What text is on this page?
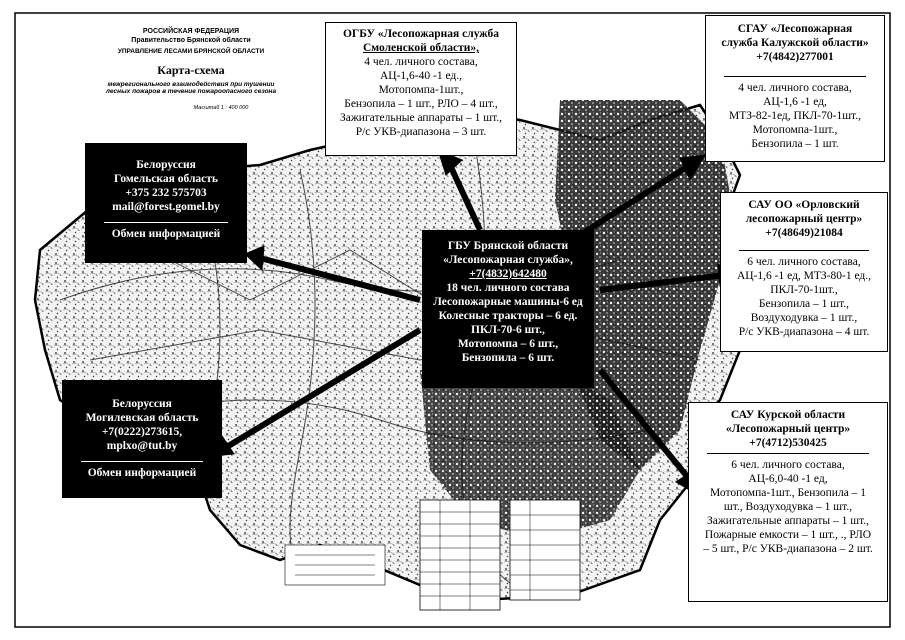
РОССИЙСКАЯ ФЕДЕРАЦИЯ
Правительство Брянской области
УПРАВЛЕНИЕ ЛЕСАМИ БРЯНСКОЙ ОБЛАСТИ
Карта-схема
межрегионального взаимодействия при тушении
лесных пожаров в течение пожароопасного сезона
Масштаб 1 : 400 000
ОГБУ «Лесопожарная служба
Смоленской области»,
4 чел. личного состава,
АЦ-1,6-40 -1 ед.,
Мотопомпа-1шт.,
Бензопила – 1 шт., РЛО – 4 шт.,
Зажигательные аппараты – 1 шт.,
Р/с УКВ-диапазона – 3 шт.
СГАУ «Лесопожарная
служба Калужской области»
+7(4842)277001
4 чел. личного состава,
АЦ-1,6 -1 ед,
МТЗ-82-1ед, ПКЛ-70-1шт.,
Мотопомпа-1шт.,
Бензопила – 1 шт.
САУ ОО «Орловский
лесопожарный центр»
+7(48649)21084
6 чел. личного состава,
АЦ-1,6 -1 ед, МТЗ-80-1 ед.,
ПКЛ-70-1шт.,
Бензопила – 1 шт.,
Воздуходувка – 1 шт.,
Р/с УКВ-диапазона – 4 шт.
САУ Курской области
«Лесопожарный центр»
+7(4712)530425
6 чел. личного состава,
АЦ-6,0-40 -1 ед,
Мотопомпа-1шт., Бензопила – 1
шт., Воздуходувка – 1 шт.,
Зажигательные аппараты – 1 шт.,
Пожарные емкости – 1 шт., ., РЛО
– 5 шт., Р/с УКВ-диапазона – 2 шт.
ГБУ Брянской области
«Лесопожарная служба»,
+7(4832)642480
18 чел. личного состава
Лесопожарные машины-6 ед
Колесные тракторы – 6 ед.
ПКЛ-70-6 шт.,
Мотопомпа – 6 шт.,
Бензопила – 6 шт.
Белоруссия
Гомельская область
+375 232 575703
mail@forest.gomel.by
Обмен информацией
Белоруссия
Могилевская область
+7(0222)273615,
mplxo@tut.by
Обмен информацией
